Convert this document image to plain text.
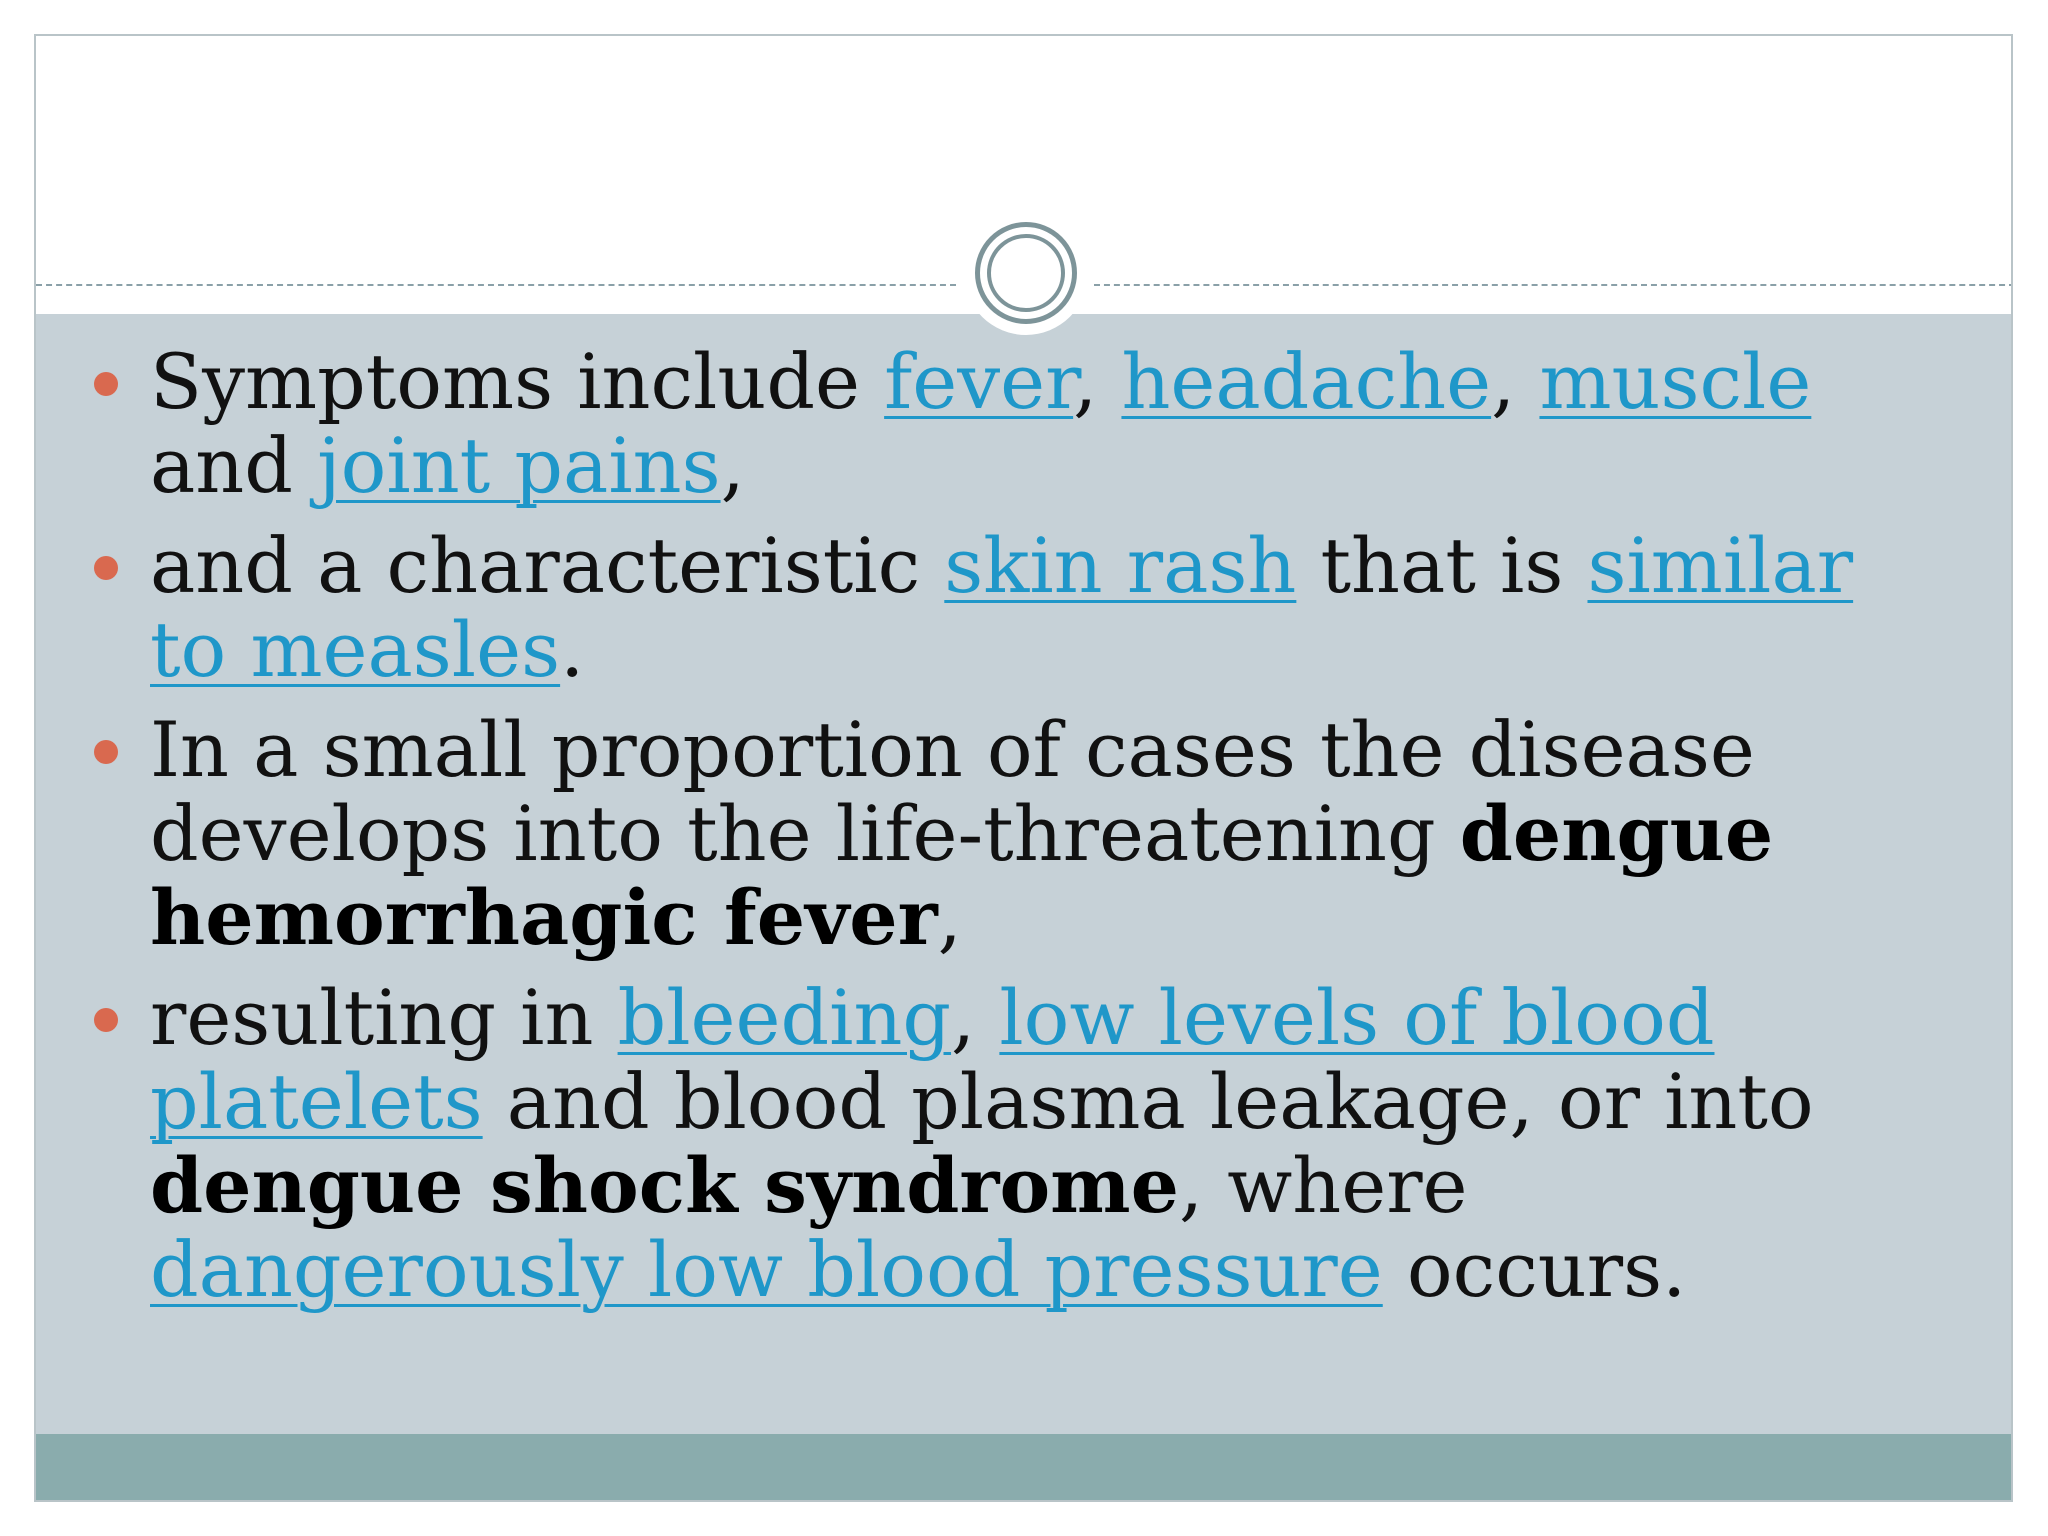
Symptoms include fever, headache, muscle and joint pains,
and a characteristic skin rash that is similar to measles.
In a small proportion of cases the disease develops into the life-threatening dengue hemorrhagic fever,
resulting in bleeding, low levels of blood platelets and blood plasma leakage, or into dengue shock syndrome, where dangerously low blood pressure occurs.
